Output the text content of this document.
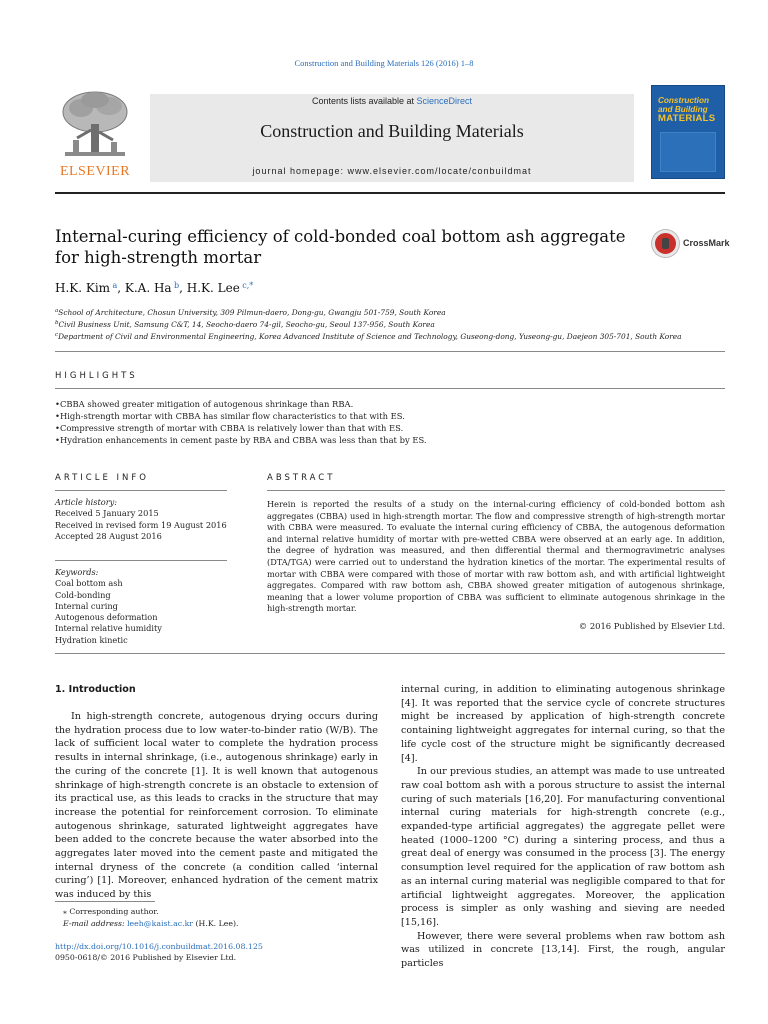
Construction and Building Materials 126 (2016) 1–8
ELSEVIER
Contents lists available at ScienceDirect
Construction and Building Materials
journal homepage: www.elsevier.com/locate/conbuildmat
Construction
and Building
MATERIALS
Internal-curing efficiency of cold-bonded coal bottom ash aggregate for high-strength mortar
CrossMark
H.K. Kim  $^a$, K.A. Ha  $^b$, H.K. Lee  $^{c,*}$
$^a$School of Architecture, Chosun University, 309 Pilmun-daero, Dong-gu, Gwangju 501-759, South Korea
$^b$Civil Business Unit, Samsung C&T, 14, Seocho-daero 74-gil, Seocho-gu, Seoul 137-956, South Korea
$^c$Department of Civil and Environmental Engineering, Korea Advanced Institute of Science and Technology, Guseong-dong, Yuseong-gu, Daejeon 305-701, South Korea
HIGHLIGHTS
• CBBA showed greater mitigation of autogenous shrinkage than RBA.
• High-strength mortar with CBBA has similar flow characteristics to that with ES.
• Compressive strength of mortar with CBBA is relatively lower than that with ES.
• Hydration enhancements in cement paste by RBA and CBBA was less than that by ES.
ARTICLE INFO	ABSTRACT
Article history:
Received 5 January 2015
Received in revised form 19 August 2016
Accepted 28 August 2016
Keywords:
Coal bottom ash
Cold-bonding
Internal curing
Autogenous deformation
Internal relative humidity
Hydration kinetic
Herein is reported the results of a study on the internal-curing efficiency of cold-bonded bottom ash aggregates (CBBA) used in high-strength mortar. The flow and compressive strength of high-strength mortar with CBBA were measured. To evaluate the internal curing efficiency of CBBA, the autogenous deformation and internal relative humidity of mortar with pre-wetted CBBA were observed at an early age. In addition, the degree of hydration was measured, and then differential thermal and thermogravimetric analyses (DTA/TGA) were carried out to understand the hydration kinetics of the mortar. The experimental results of mortar with CBBA were compared with those of mortar with raw bottom ash, and with artificial lightweight aggregates. Compared with raw bottom ash, CBBA showed greater mitigation of autogenous shrinkage, meaning that a lower volume proportion of CBBA was sufficient to eliminate autogenous shrinkage in the high-strength mortar.
© 2016 Published by Elsevier Ltd.
1. Introduction

In high-strength concrete, autogenous drying occurs during the hydration process due to low water-to-binder ratio (W/B). The lack of sufficient local water to complete the hydration process results in internal shrinkage, (i.e., autogenous shrinkage) early in the curing of the concrete [1]. It is well known that autogenous shrinkage of high-strength concrete is an obstacle to extension of its practical use, as this leads to cracks in the structure that may increase the potential for reinforcement corrosion. To eliminate autogenous shrinkage, saturated lightweight aggregates have been added to the concrete because the water absorbed into the aggregates later moved into the cement paste and mitigated the internal dryness of the concrete (a condition called ‘internal curing’) [1]. Moreover, enhanced hydration of the cement matrix was induced by this

internal curing, in addition to eliminating autogenous shrinkage [4]. It was reported that the service cycle of concrete structures might be increased by application of high-strength concrete containing lightweight aggregates for internal curing, so that the life cycle cost of the structure might be significantly decreased [4].

In our previous studies, an attempt was made to use untreated raw coal bottom ash with a porous structure to assist the internal curing of such materials [16,20]. For manufacturing conventional internal curing materials for high-strength concrete (e.g., expanded-type artificial aggregates) the aggregate pellet were heated (1000–1200 °C) during a sintering process, and thus a great deal of energy was consumed in the process [3]. The energy consumption level required for the application of raw bottom ash as an internal curing material was negligible compared to that for artificial lightweight aggregates. Moreover, the application process is simpler as only washing and sieving are needed [15,16].

However, there were several problems when raw bottom ash was utilized in concrete [13,14]. First, the rough, angular particles

⁎ Corresponding author.
E-mail address: leeh@kaist.ac.kr (H.K. Lee).
http://dx.doi.org/10.1016/j.conbuildmat.2016.08.125
0950-0618/© 2016 Published by Elsevier Ltd.
